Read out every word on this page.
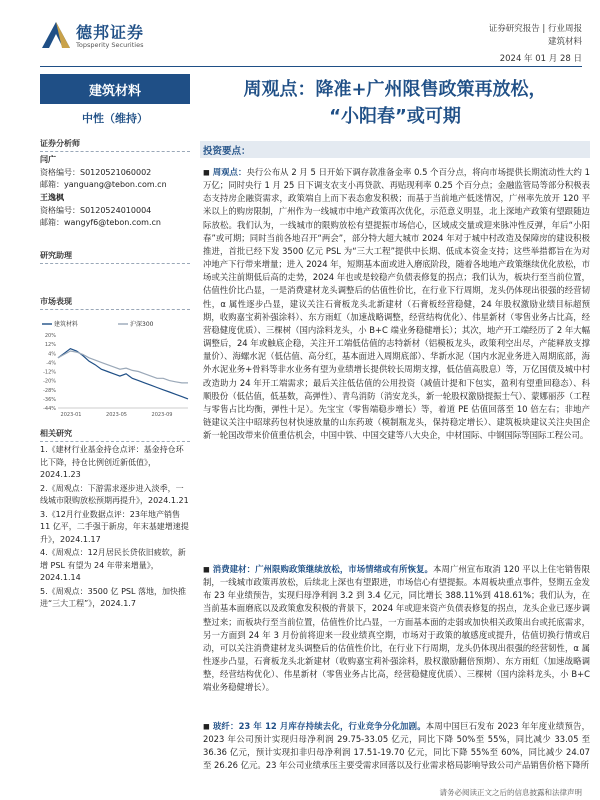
德邦证券
Topsperity Securities
证券研究报告 | 行业周报
建筑材料
2024 年 01 月 28 日
建筑材料
中性（维持）
证券分析师
闫广
资格编号：S0120521060002
邮箱：yanguang@tebon.com.cn
王逸枫
资格编号：S0120524010004
邮箱：wangyf6@tebon.com.cn
研究助理
市场表现
建筑材料	沪深300
20%
12%
4%
-4%
-12%
-20%
-28%
-36%
-44%
2023-01	2023-05	2023-09
相关研究
1.《建材行业基金持仓点评：基金持仓环比下降，持仓比例创近新低值》，2024.1.23
2.《周观点：下游需求逐步进入淡季，一线城市限购放松预期再提升》，2024.1.21
3.《12月行业数据点评：23年地产销售 11 亿平，二手强于新房，年末基建增速提升》，2024.1.17
4.《周观点：12月居民长贷依旧疲软，新增 PSL 有望为 24 年带来增量》，2024.1.14
5.《周观点：3500 亿 PSL 落地，加快推进“三大工程”》，2024.1.7
周观点：降准+广州限售政策再放松，
“小阳春”或可期
投资要点：
◼ 周观点：央行公布从 2 月 5 日开始下调存款准备金率 0.5 个百分点，将向市场提供长期流动性大约 1 万亿；同时央行 1 月 25 日下调支农支小再贷款、再贴现利率 0.25 个百分点；金融监管局等部分积极表态支持房企融资需求，政策端自上而下表态愈发积极；而基于当前地产低迷情况，广州率先放开 120 平米以上的购房限制，广州作为一线城市中地产政策再次优化，示范意义明显，北上深地产政策有望跟随边际放松。我们认为，一线城市的限购放松有望提振市场信心，区域成交量或迎来脉冲性反弹，年后“小阳春”或可期；同时当前各地召开“两会”，部分特大超大城市 2024 年对于城中村改造及保障房的建设积极推进，首批已经下发 3500 亿元 PSL 为“三大工程”提供中长期、低成本资金支持；这些举措都旨在为对冲地产下行带来增量；进入 2024 年，短期基本面或进入磨底阶段，随着各地地产政策继续优化放松，市场或关注前期低后高的走势，2024 年也或是较稳产负债表修复的拐点；我们认为，板块行至当前位置，估值性价比凸显，一是消费建材龙头调整后的估值性价比，在行业下行周期，龙头仍体现出很强的经营韧性，α 属性逐步凸显，建议关注石膏板龙头北新建材（石膏板经营稳健，24 年股权激励业绩目标超预期，收购嘉宝莉补强涂料）、东方雨虹（加速战略调整，经营结构优化）、伟星新材（零售业务占比高，经营稳健度优质）、三棵树（国内涂料龙头，小 B+C 端业务稳健增长）；其次，地产开工端经历了 2 年大幅调整后，24 年或触底企稳，关注开工端低估值的志特新材（铝模板龙头，政策利空出尽，产能释放支撑量价）、海螺水泥（低估值、高分红，基本面进入周期底部）、华新水泥（国内水泥业务进入周期底部，海外水泥业务+骨料等非水业务有望为业绩增长提供较长周期支撑，低估值高股息）等，万亿国债及城中村改造助力 24 年开工端需求；最后关注低估值的公用投资（减值计提和下包实，盈利有望重回稳态）、科顺股份（低估值，低基数，高弹性）、青鸟消防（消安龙头，新一轮股权激励提振士气）、蒙娜丽莎（工程与零售占比均衡，弹性十足）。先宝宝（零售端稳步增长）等，着道 PE 估值回落至 10 倍左右；非地产链建议关注中昭球药包材快速放量的山东药玻（模制瓶龙头，保持稳定增长）、建筑板块建议关注央国企新一轮国改带来价值重估机会，中国中铁、中国交建等八大央企，中材国际、中钢国际等国际工程公司。
◼ 消费建材：广州限购政策继续放松，市场情绪或有所恢复。本周广州宣布取消 120 平以上住宅销售限制，一线城市政策再放松，后续北上深也有望跟进，市场信心有望提振。本周板块重点事件，竖期五金发布 23 年业绩预告，实现归母净利润 3.2 到 3.4 亿元，同比增长 388.11%到 418.61%；我们认为，在当前基本面磨底以及政策愈发积极的背景下，2024 年或迎来资产负债表修复的拐点，龙头企业已逐步调整过来；而板块行至当前位置，估值性价比凸显，一方面基本面的走弱或加快相关政策出台或托底需求，另一方面到 24 年 3 月份前将迎来一段业绩真空期，市场对于政策的敏感度或提升，估值切换行情或启动，可以关注消费建材龙头调整后的估值性价比，在行业下行周期，龙头仍体现出很强的经营韧性，α 属性逐步凸显，石膏板龙头北新建材（收购嘉宝莉补强涂料，股权激励翻倍预期）、东方雨虹（加速战略调整，经营结构优化）、伟星新材（零售业务占比高，经营稳健度优质）、三棵树（国内涂料龙头，小 B+C 端业务稳健增长）。
◼ 玻纤：23 年 12 月库存持续去化，行业竞争分化加剧。本周中国巨石发布 2023 年年度业绩预告，2023 年公司预计实现归母净利润 29.75-33.05 亿元，同比下降 50%至 55%，同比减少 33.05 至 36.36 亿元，预计实现扣非归母净利润 17.51-19.70 亿元，同比下降 55%至 60%，同比减少 24.07 至 26.26 亿元。23 年公司业绩承压主要受需求回落以及行业需求格局影响导致公司产品销售价格下降所
请务必阅读正文之后的信息披露和法律声明
